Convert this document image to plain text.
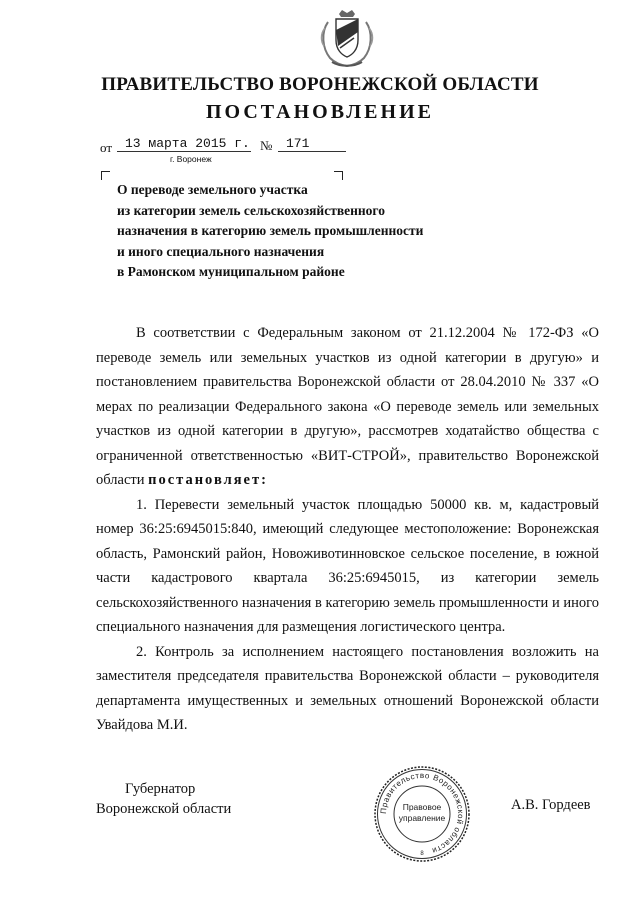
ПРАВИТЕЛЬСТВО ВОРОНЕЖСКОЙ ОБЛАСТИ
ПОСТАНОВЛЕНИЕ
от 13 марта 2015 г. №	171
г. Воронеж
О переводе земельного участка
из категории земель сельскохозяйственного
назначения в категорию земель промышленности
и иного специального назначения
в Рамонском муниципальном районе

В соответствии с Федеральным законом от 21.12.2004 № 172-ФЗ «О переводе земель или земельных участков из одной категории в другую» и постановлением правительства Воронежской области от 28.04.2010 № 337 «О мерах по реализации Федерального закона «О переводе земель или земельных участков из одной категории в другую», рассмотрев ходатайство общества с ограниченной ответственностью «ВИТ-СТРОЙ», правительство Воронежской области постановляет:

1. Перевести земельный участок площадью 50000 кв. м, кадастровый номер 36:25:6945015:840, имеющий следующее местоположение: Воронежская область, Рамонский район, Новоживотинновское сельское поселение, в южной части кадастрового квартала 36:25:6945015, из категории земель сельскохозяйственного назначения в категорию земель промышленности и иного специального назначения для размещения логистического центра.

2. Контроль за исполнением настоящего постановления возложить на заместителя председателя правительства Воронежской области – руководителя департамента имущественных и земельных отношений Воронежской области Увайдова М.И.

Губернатор
Воронежской области	А.В. Гордеев
Правительство Воронежской области
Правовое
управление
8
